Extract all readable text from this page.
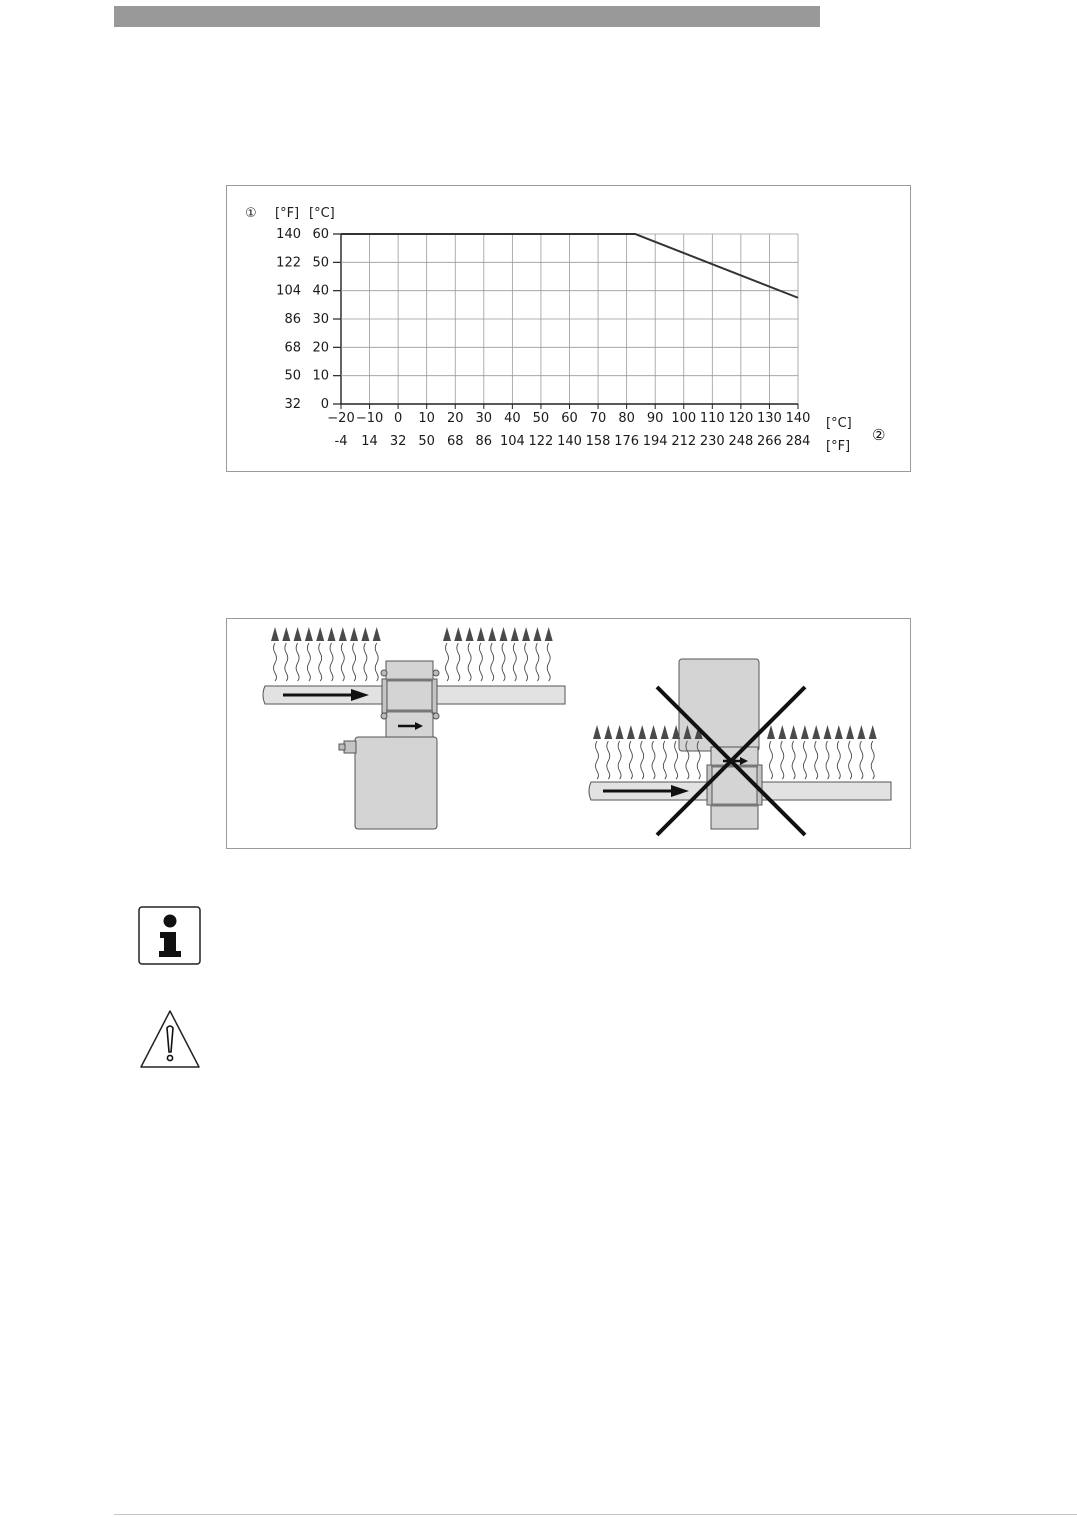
① [°F] [°C]
[°C]
[°F]
②
−20
-4
−10
14
0
32
10
50
20
68
30
86
40
104
50
122
60
140
70
158
80
176
90
194
100
212
110
230
120
248
130
266
140
284
60
140
50
122
40
104
30
86
20
68
10
50
0
32
